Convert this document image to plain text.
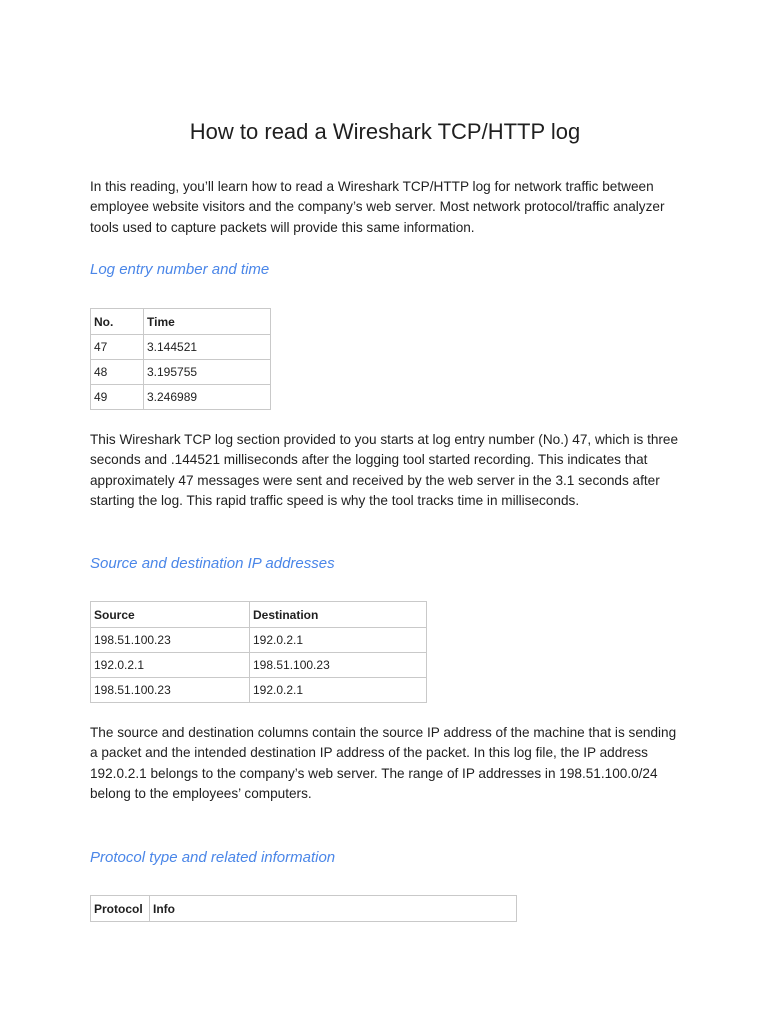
How to read a Wireshark TCP/HTTP log

In this reading, you’ll learn how to read a Wireshark TCP/HTTP log for network traffic between employee website visitors and the company’s web server. Most network protocol/traffic analyzer tools used to capture packets will provide this same information.

Log entry number and time
No.	Time
47	3.144521
48	3.195755
49	3.246989

This Wireshark TCP log section provided to you starts at log entry number (No.) 47, which is three seconds and .144521 milliseconds after the logging tool started recording. This indicates that approximately 47 messages were sent and received by the web server in the 3.1 seconds after starting the log. This rapid traffic speed is why the tool tracks time in milliseconds.

Source and destination IP addresses
Source	Destination
198.51.100.23	192.0.2.1
192.0.2.1	198.51.100.23
198.51.100.23	192.0.2.1

The source and destination columns contain the source IP address of the machine that is sending a packet and the intended destination IP address of the packet. In this log file, the IP address 192.0.2.1 belongs to the company’s web server. The range of IP addresses in 198.51.100.0/24 belong to the employees’ computers.

Protocol type and related information
Protocol	Info
